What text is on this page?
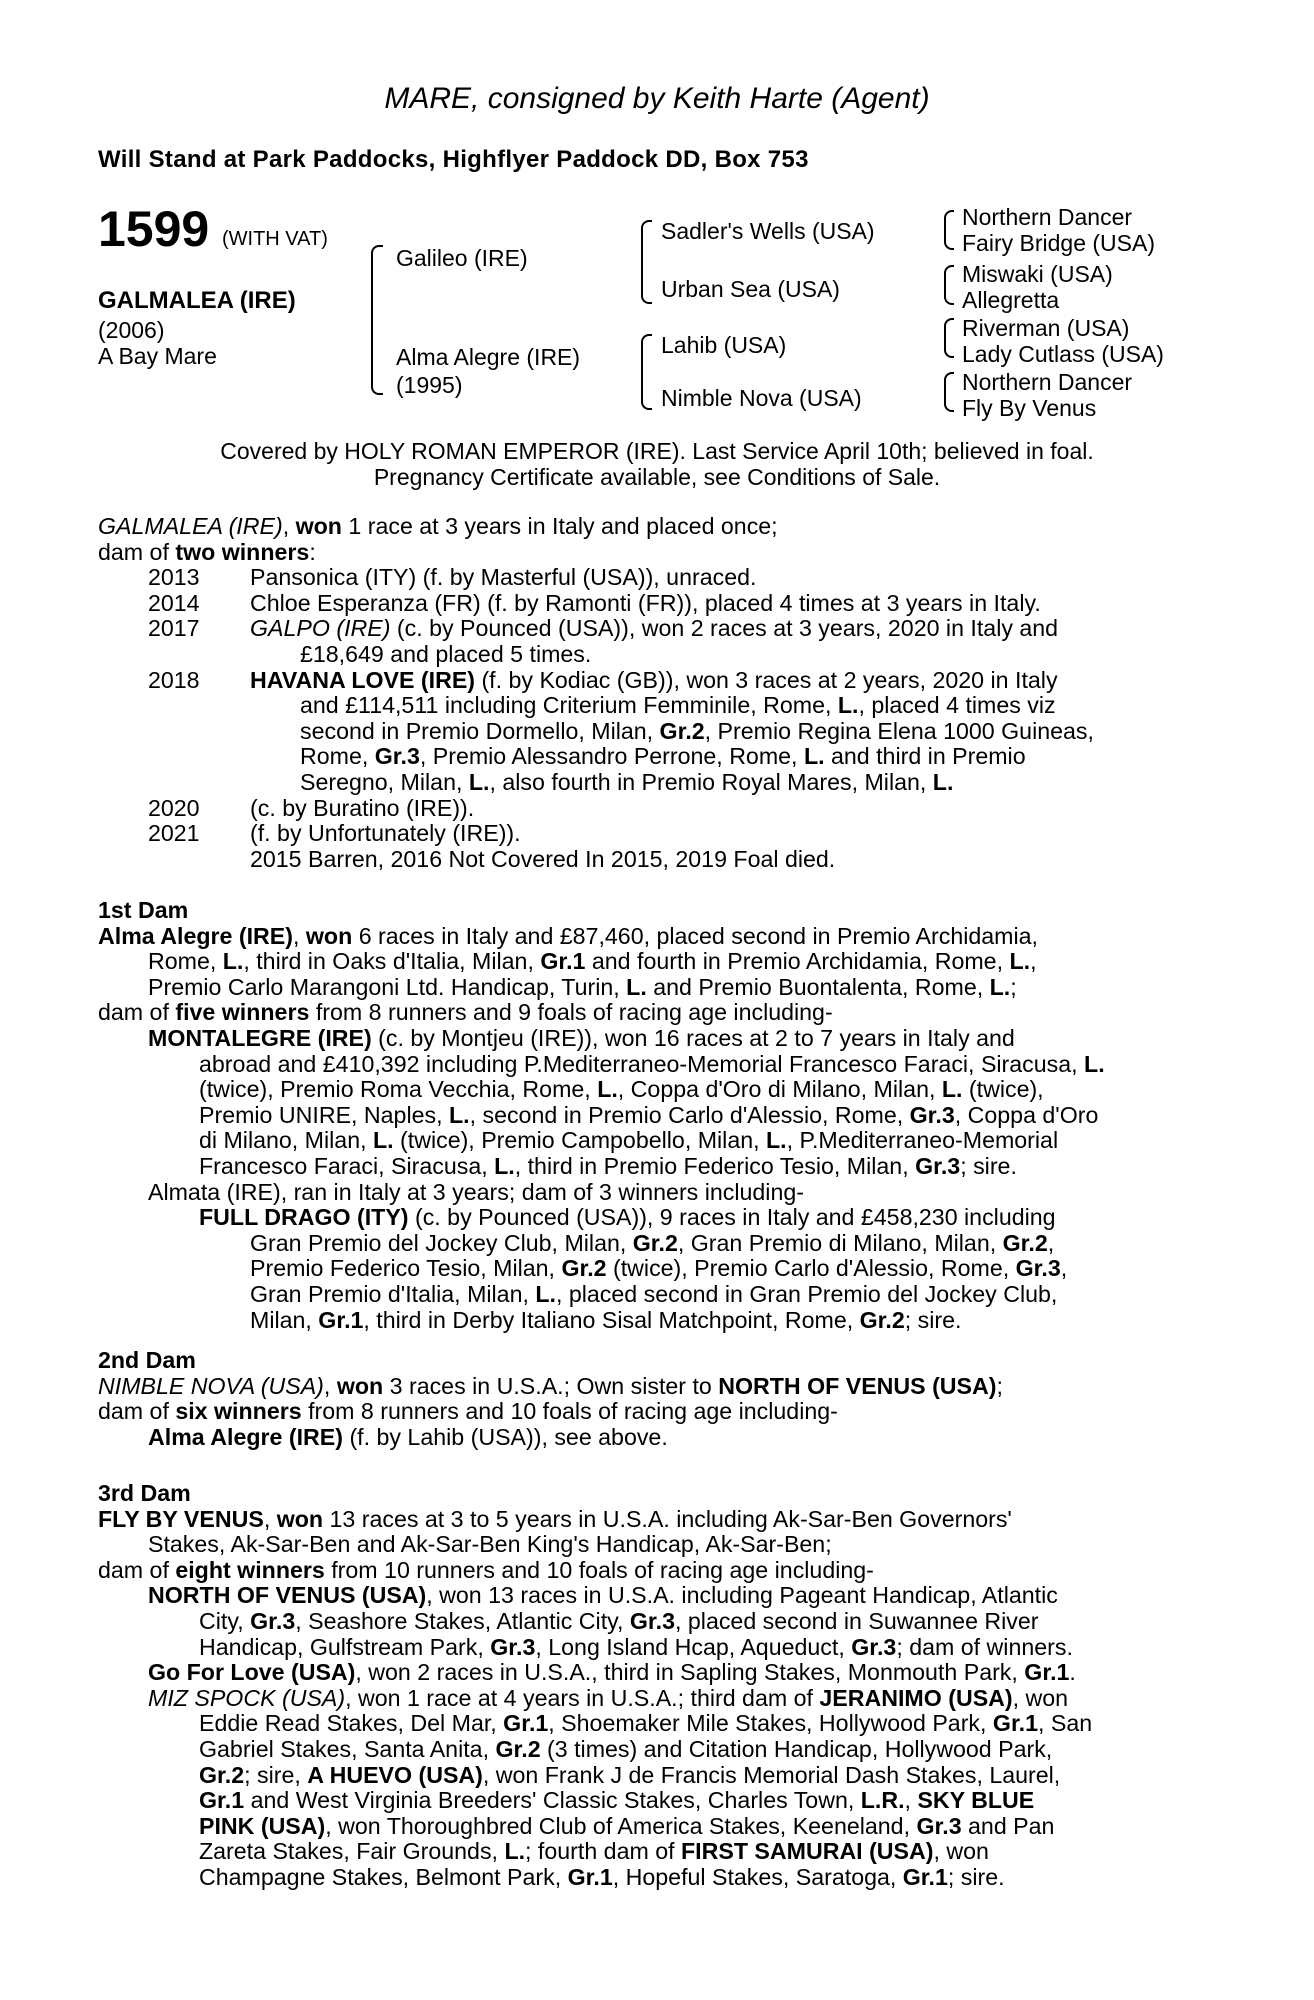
MARE, consigned by Keith Harte (Agent)
Will Stand at Park Paddocks, Highflyer Paddock DD, Box 753
1599 (WITH VAT)
GALMALEA (IRE)
(2006)
A Bay Mare
Galileo (IRE)
Alma Alegre (IRE)
(1995)
Sadler's Wells (USA)
Urban Sea (USA)
Lahib (USA)
Nimble Nova (USA)
Northern Dancer
Fairy Bridge (USA)
Miswaki (USA)
Allegretta
Riverman (USA)
Lady Cutlass (USA)
Northern Dancer
Fly By Venus
Covered by HOLY ROMAN EMPEROR (IRE). Last Service April 10th; believed in foal.
Pregnancy Certificate available, see Conditions of Sale.
GALMALEA (IRE), won 1 race at 3 years in Italy and placed once;
dam of two winners:
2013 Pansonica (ITY) (f. by Masterful (USA)), unraced.
2014 Chloe Esperanza (FR) (f. by Ramonti (FR)), placed 4 times at 3 years in Italy.
2017 GALPO (IRE) (c. by Pounced (USA)), won 2 races at 3 years, 2020 in Italy and
£18,649 and placed 5 times.
2018 HAVANA LOVE (IRE) (f. by Kodiac (GB)), won 3 races at 2 years, 2020 in Italy
and £114,511 including Criterium Femminile, Rome, L., placed 4 times viz
second in Premio Dormello, Milan, Gr.2, Premio Regina Elena 1000 Guineas,
Rome, Gr.3, Premio Alessandro Perrone, Rome, L. and third in Premio
Seregno, Milan, L., also fourth in Premio Royal Mares, Milan, L.
2020 (c. by Buratino (IRE)).
2021 (f. by Unfortunately (IRE)).
2015 Barren, 2016 Not Covered In 2015, 2019 Foal died.
1st Dam
Alma Alegre (IRE), won 6 races in Italy and £87,460, placed second in Premio Archidamia,
Rome, L., third in Oaks d'Italia, Milan, Gr.1 and fourth in Premio Archidamia, Rome, L.,
Premio Carlo Marangoni Ltd. Handicap, Turin, L. and Premio Buontalenta, Rome, L.;
dam of five winners from 8 runners and 9 foals of racing age including-
MONTALEGRE (IRE) (c. by Montjeu (IRE)), won 16 races at 2 to 7 years in Italy and
abroad and £410,392 including P.Mediterraneo-Memorial Francesco Faraci, Siracusa, L.
(twice), Premio Roma Vecchia, Rome, L., Coppa d'Oro di Milano, Milan, L. (twice),
Premio UNIRE, Naples, L., second in Premio Carlo d'Alessio, Rome, Gr.3, Coppa d'Oro
di Milano, Milan, L. (twice), Premio Campobello, Milan, L., P.Mediterraneo-Memorial
Francesco Faraci, Siracusa, L., third in Premio Federico Tesio, Milan, Gr.3; sire.
Almata (IRE), ran in Italy at 3 years; dam of 3 winners including-
FULL DRAGO (ITY) (c. by Pounced (USA)), 9 races in Italy and £458,230 including
Gran Premio del Jockey Club, Milan, Gr.2, Gran Premio di Milano, Milan, Gr.2,
Premio Federico Tesio, Milan, Gr.2 (twice), Premio Carlo d'Alessio, Rome, Gr.3,
Gran Premio d'Italia, Milan, L., placed second in Gran Premio del Jockey Club,
Milan, Gr.1, third in Derby Italiano Sisal Matchpoint, Rome, Gr.2; sire.
2nd Dam
NIMBLE NOVA (USA), won 3 races in U.S.A.; Own sister to NORTH OF VENUS (USA);
dam of six winners from 8 runners and 10 foals of racing age including-
Alma Alegre (IRE) (f. by Lahib (USA)), see above.
3rd Dam
FLY BY VENUS, won 13 races at 3 to 5 years in U.S.A. including Ak-Sar-Ben Governors'
Stakes, Ak-Sar-Ben and Ak-Sar-Ben King's Handicap, Ak-Sar-Ben;
dam of eight winners from 10 runners and 10 foals of racing age including-
NORTH OF VENUS (USA), won 13 races in U.S.A. including Pageant Handicap, Atlantic
City, Gr.3, Seashore Stakes, Atlantic City, Gr.3, placed second in Suwannee River
Handicap, Gulfstream Park, Gr.3, Long Island Hcap, Aqueduct, Gr.3; dam of winners.
Go For Love (USA), won 2 races in U.S.A., third in Sapling Stakes, Monmouth Park, Gr.1.
MIZ SPOCK (USA), won 1 race at 4 years in U.S.A.; third dam of JERANIMO (USA), won
Eddie Read Stakes, Del Mar, Gr.1, Shoemaker Mile Stakes, Hollywood Park, Gr.1, San
Gabriel Stakes, Santa Anita, Gr.2 (3 times) and Citation Handicap, Hollywood Park,
Gr.2; sire, A HUEVO (USA), won Frank J de Francis Memorial Dash Stakes, Laurel,
Gr.1 and West Virginia Breeders' Classic Stakes, Charles Town, L.R., SKY BLUE
PINK (USA), won Thoroughbred Club of America Stakes, Keeneland, Gr.3 and Pan
Zareta Stakes, Fair Grounds, L.; fourth dam of FIRST SAMURAI (USA), won
Champagne Stakes, Belmont Park, Gr.1, Hopeful Stakes, Saratoga, Gr.1; sire.
